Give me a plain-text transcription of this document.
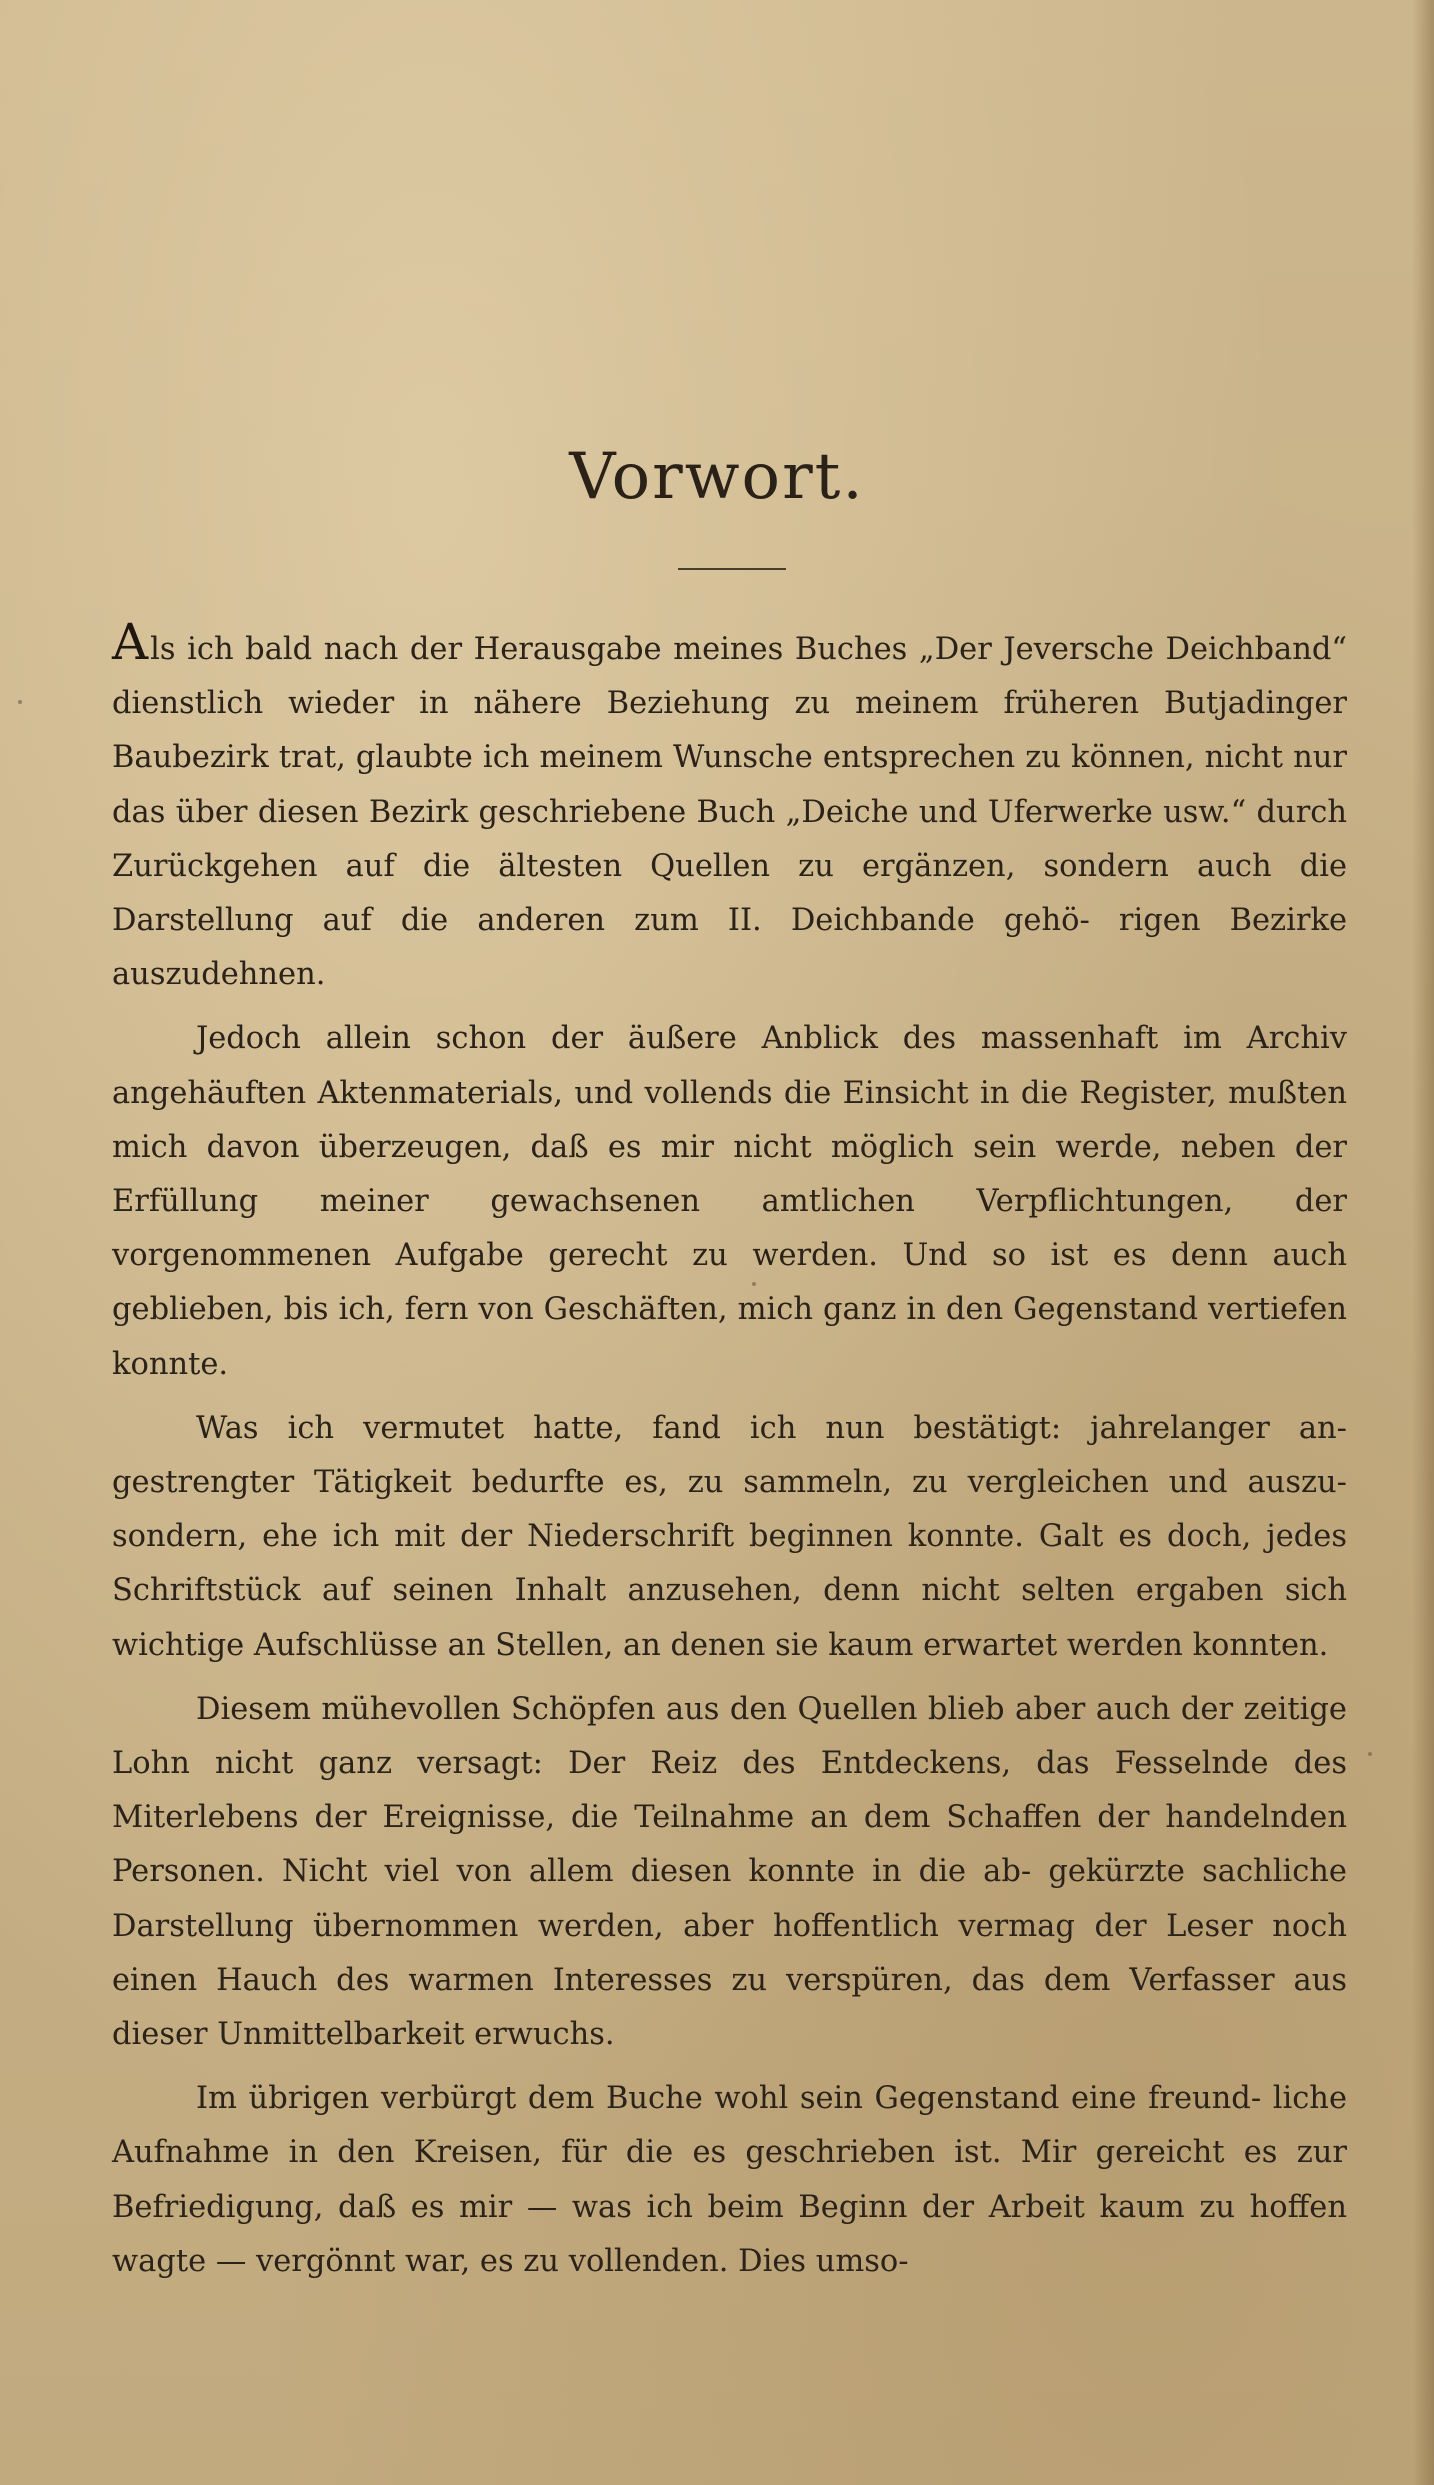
Vorwort.

Als ich bald nach der Herausgabe meines Buches „Der Jeversche Deichband“ dienstlich wieder in nähere Beziehung zu meinem früheren Butjadinger Baubezirk trat, glaubte ich meinem Wunsche entsprechen zu können, nicht nur das über diesen Bezirk geschriebene Buch „Deiche und Uferwerke usw.“ durch Zurückgehen auf die ältesten Quellen zu ergänzen, sondern auch die Darstellung auf die anderen zum II. Deichbande gehö- rigen Bezirke auszudehnen.

Jedoch allein schon der äußere Anblick des massenhaft im Archiv angehäuften Aktenmaterials, und vollends die Einsicht in die Register, mußten mich davon überzeugen, daß es mir nicht möglich sein werde, neben der Erfüllung meiner gewachsenen amtlichen Verpflichtungen, der vorgenommenen Aufgabe gerecht zu werden. Und so ist es denn auch geblieben, bis ich, fern von Geschäften, mich ganz in den Gegenstand vertiefen konnte.

Was ich vermutet hatte, fand ich nun bestätigt: jahrelanger an- gestrengter Tätigkeit bedurfte es, zu sammeln, zu vergleichen und auszu- sondern, ehe ich mit der Niederschrift beginnen konnte. Galt es doch, jedes Schriftstück auf seinen Inhalt anzusehen, denn nicht selten ergaben sich wichtige Aufschlüsse an Stellen, an denen sie kaum erwartet werden konnten.

Diesem mühevollen Schöpfen aus den Quellen blieb aber auch der zeitige Lohn nicht ganz versagt: Der Reiz des Entdeckens, das Fesselnde des Miterlebens der Ereignisse, die Teilnahme an dem Schaffen der handelnden Personen. Nicht viel von allem diesen konnte in die ab- gekürzte sachliche Darstellung übernommen werden, aber hoffentlich vermag der Leser noch einen Hauch des warmen Interesses zu verspüren, das dem Verfasser aus dieser Unmittelbarkeit erwuchs.

Im übrigen verbürgt dem Buche wohl sein Gegenstand eine freund- liche Aufnahme in den Kreisen, für die es geschrieben ist. Mir gereicht es zur Befriedigung, daß es mir — was ich beim Beginn der Arbeit kaum zu hoffen wagte — vergönnt war, es zu vollenden. Dies umso-
